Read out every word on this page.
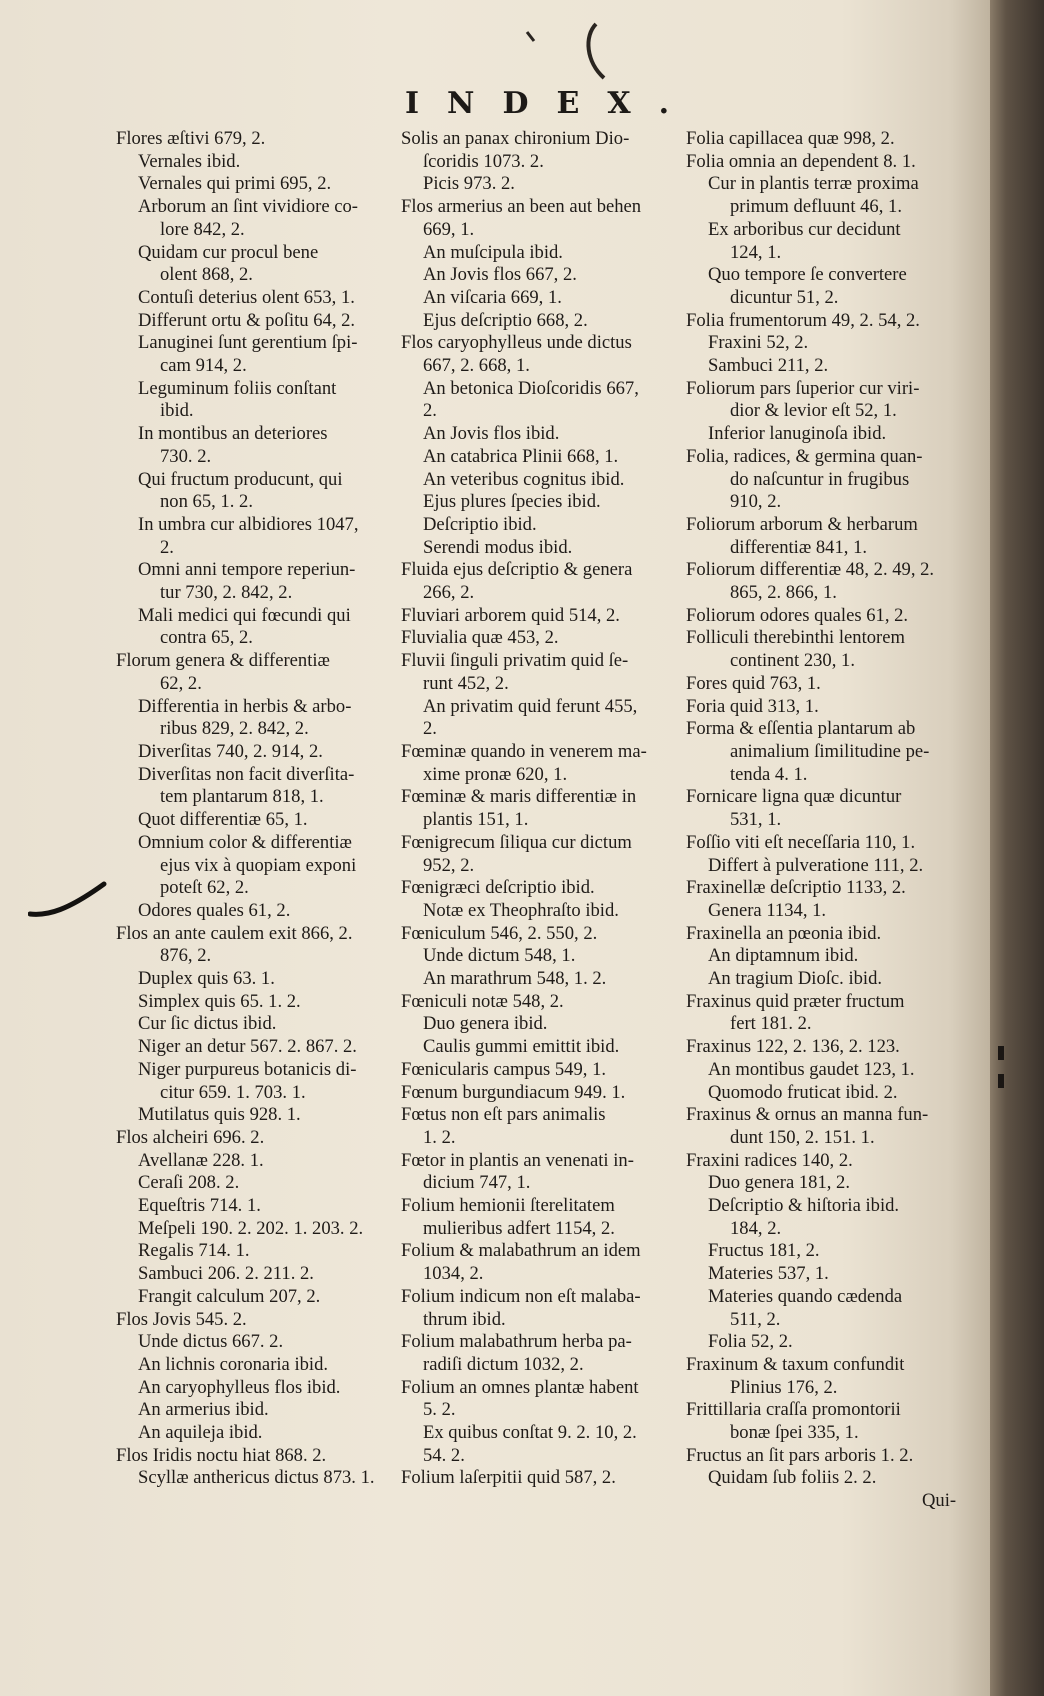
INDEX.
Flores æſtivi 679, 2.
Vernales ibid.
Vernales qui primi 695, 2.
Arborum an ſint vividiore co-
lore 842, 2.
Quidam cur procul bene
olent 868, 2.
Contuſi deterius olent 653, 1.
Differunt ortu & poſitu 64, 2.
Lanuginei ſunt gerentium ſpi-
cam 914, 2.
Leguminum foliis conſtant
ibid.
In montibus an deteriores
730. 2.
Qui fructum producunt, qui
non 65, 1. 2.
In umbra cur albidiores 1047,
2.
Omni anni tempore reperiun-
tur 730, 2. 842, 2.
Mali medici qui fœcundi qui
contra 65, 2.
Florum genera & differentiæ
62, 2.
Differentia in herbis & arbo-
ribus 829, 2. 842, 2.
Diverſitas 740, 2. 914, 2.
Diverſitas non facit diverſita-
tem plantarum 818, 1.
Quot differentiæ 65, 1.
Omnium color & differentiæ
ejus vix à quopiam exponi
poteſt 62, 2.
Odores quales 61, 2.
Flos an ante caulem exit 866, 2.
876, 2.
Duplex quis 63. 1.
Simplex quis 65. 1. 2.
Cur ſic dictus ibid.
Niger an detur 567. 2. 867. 2.
Niger purpureus botanicis di-
citur 659. 1. 703. 1.
Mutilatus quis 928. 1.
Flos alcheiri 696. 2.
Avellanæ 228. 1.
Ceraſi 208. 2.
Equeſtris 714. 1.
Meſpeli 190. 2. 202. 1. 203. 2.
Regalis 714. 1.
Sambuci 206. 2. 211. 2.
Frangit calculum 207, 2.
Flos Jovis 545. 2.
Unde dictus 667. 2.
An lichnis coronaria ibid.
An caryophylleus flos ibid.
An armerius ibid.
An aquileja ibid.
Flos Iridis noctu hiat 868. 2.
Scyllæ anthericus dictus 873. 1.
Solis an panax chironium Dio-
ſcoridis 1073. 2.
Picis 973. 2.
Flos armerius an been aut behen
669, 1.
An muſcipula ibid.
An Jovis flos 667, 2.
An viſcaria 669, 1.
Ejus deſcriptio 668, 2.
Flos caryophylleus unde dictus
667, 2. 668, 1.
An betonica Dioſcoridis 667,
2.
An Jovis flos ibid.
An catabrica Plinii 668, 1.
An veteribus cognitus ibid.
Ejus plures ſpecies ibid.
Deſcriptio ibid.
Serendi modus ibid.
Fluida ejus deſcriptio & genera
266, 2.
Fluviari arborem quid 514, 2.
Fluvialia quæ 453, 2.
Fluvii ſinguli privatim quid ſe-
runt 452, 2.
An privatim quid ferunt 455,
2.
Fœminæ quando in venerem ma-
xime pronæ 620, 1.
Fœminæ & maris differentiæ in
plantis 151, 1.
Fœnigrecum ſiliqua cur dictum
952, 2.
Fœnigræci deſcriptio ibid.
Notæ ex Theophraſto ibid.
Fœniculum 546, 2. 550, 2.
Unde dictum 548, 1.
An marathrum 548, 1. 2.
Fœniculi notæ 548, 2.
Duo genera ibid.
Caulis gummi emittit ibid.
Fœnicularis campus 549, 1.
Fœnum burgundiacum 949. 1.
Fœtus non eſt pars animalis
1. 2.
Fœtor in plantis an venenati in-
dicium 747, 1.
Folium hemionii ſterelitatem
mulieribus adfert 1154, 2.
Folium & malabathrum an idem
1034, 2.
Folium indicum non eſt malaba-
thrum ibid.
Folium malabathrum herba pa-
radiſi dictum 1032, 2.
Folium an omnes plantæ habent
5. 2.
Ex quibus conſtat 9. 2. 10, 2.
54. 2.
Folium laſerpitii quid 587, 2.
Folia capillacea quæ 998, 2.
Folia omnia an dependent 8. 1.
Cur in plantis terræ proxima
primum defluunt 46, 1.
Ex arboribus cur decidunt
124, 1.
Quo tempore ſe convertere
dicuntur 51, 2.
Folia frumentorum 49, 2. 54, 2.
Fraxini 52, 2.
Sambuci 211, 2.
Foliorum pars ſuperior cur viri-
dior & levior eſt 52, 1.
Inferior lanuginoſa ibid.
Folia, radices, & germina quan-
do naſcuntur in frugibus
910, 2.
Foliorum arborum & herbarum
differentiæ 841, 1.
Foliorum differentiæ 48, 2. 49, 2.
865, 2. 866, 1.
Foliorum odores quales 61, 2.
Folliculi therebinthi lentorem
continent 230, 1.
Fores quid 763, 1.
Foria quid 313, 1.
Forma & eſſentia plantarum ab
animalium ſimilitudine pe-
tenda 4. 1.
Fornicare ligna quæ dicuntur
531, 1.
Foſſio viti eſt neceſſaria 110, 1.
Differt à pulveratione 111, 2.
Fraxinellæ deſcriptio 1133, 2.
Genera 1134, 1.
Fraxinella an pœonia ibid.
An diptamnum ibid.
An tragium Dioſc. ibid.
Fraxinus quid præter fructum
fert 181. 2.
Fraxinus 122, 2. 136, 2. 123.
An montibus gaudet 123, 1.
Quomodo fruticat ibid. 2.
Fraxinus & ornus an manna fun-
dunt 150, 2. 151. 1.
Fraxini radices 140, 2.
Duo genera 181, 2.
Deſcriptio & hiſtoria ibid.
184, 2.
Fructus 181, 2.
Materies 537, 1.
Materies quando cædenda
511, 2.
Folia 52, 2.
Fraxinum & taxum confundit
Plinius 176, 2.
Frittillaria craſſa promontorii
bonæ ſpei 335, 1.
Fructus an ſit pars arboris 1. 2.
Quidam ſub foliis 2. 2.
Qui-
